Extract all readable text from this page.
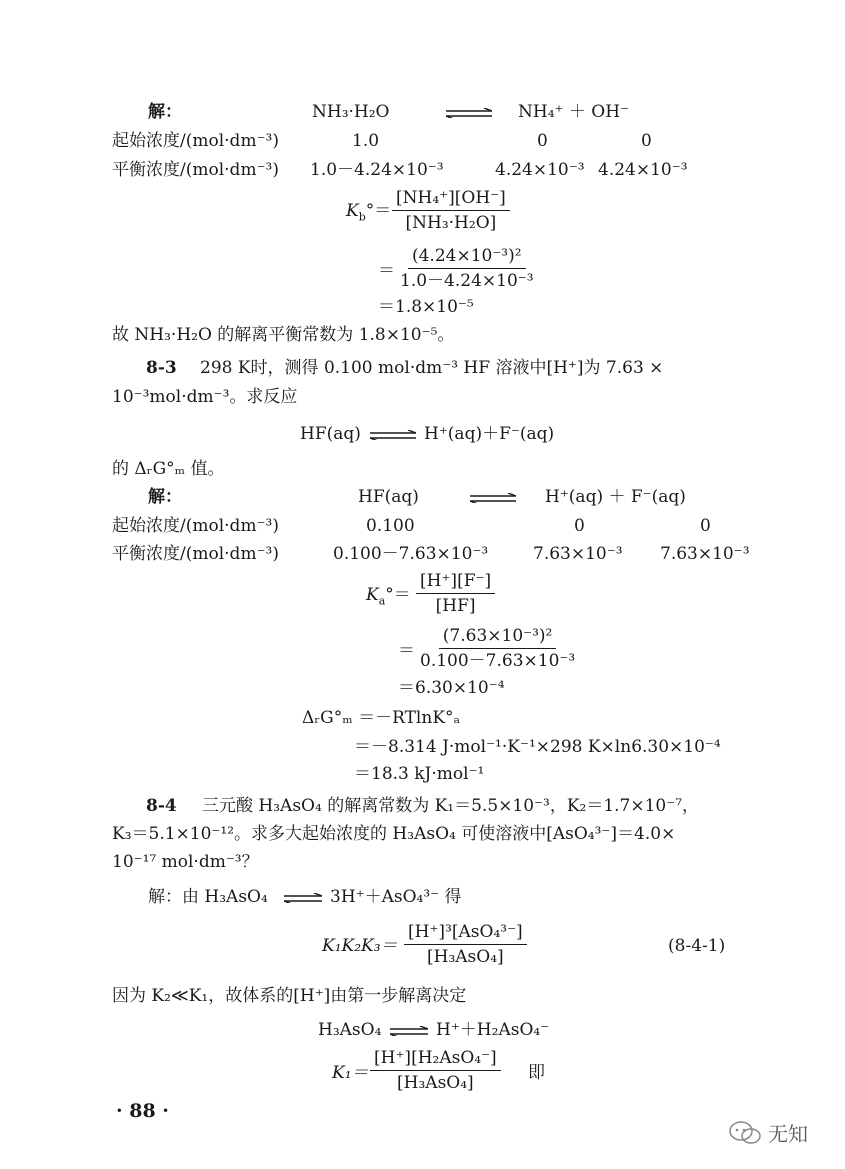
解：	NH₃·H₂O	⇌ NH₄⁺ ＋ OH⁻
起始浓度/(mol·dm⁻³)	1.0	0	0
平衡浓度/(mol·dm⁻³) 1.0－4.24×10⁻³	4.24×10⁻³ 4.24×10⁻³
$K_b^\circ= \frac{\text{[NH₄⁺][OH⁻]}}{\text{[NH₃·H₂O]}}$
＝ $\frac{\text{(4.24×10⁻³)²}}{\text{1.0－4.24×10⁻³}}$
＝1.8×10⁻⁵
故 NH₃·H₂O 的解离平衡常数为 1.8×10⁻⁵。
8-3 298 K时，测得 0.100 mol·dm⁻³ HF 溶液中[H⁺]为 7.63 ×
10⁻³mol·dm⁻³。求反应
HF(aq) ⇌ H⁺(aq)＋F⁻(aq)
的 ΔᵣG°ₘ 值。
解：	HF(aq)	⇌ H⁺(aq) ＋ F⁻(aq)
起始浓度/(mol·dm⁻³)	0.100	0	0
平衡浓度/(mol·dm⁻³)	0.100－7.63×10⁻³	7.63×10⁻³ 7.63×10⁻³
$K_a^\circ= \frac{[H^+][F^-]}{[HF]}$
＝ $\frac{\text{(7.63×10⁻³)²}}{\text{0.100－7.63×10⁻³}}$
＝6.30×10⁻⁴
ΔᵣG°ₘ ＝－RTlnK°ₐ
＝－8.314 J·mol⁻¹·K⁻¹×298 K×ln6.30×10⁻⁴
＝18.3 kJ·mol⁻¹
8-4 三元酸 H₃AsO₄ 的解离常数为 K₁＝5.5×10⁻³，K₂＝1.7×10⁻⁷，
K₃＝5.1×10⁻¹²。求多大起始浓度的 H₃AsO₄ 可使溶液中[AsO₄³⁻]＝4.0×
10⁻¹⁷ mol·dm⁻³？
解：由 H₃AsO₄ ⇌ 3H⁺＋AsO₄³⁻ 得
K₁K₂K₃＝
[H⁺]³[AsO₄³⁻]
[H₃AsO₄]
(8-4-1)
因为 K₂≪K₁，故体系的[H⁺]由第一步解离决定
H₃AsO₄ ⇌ H⁺＋H₂AsO₄⁻
K₁＝
[H⁺][H₂AsO₄⁻]
[H₃AsO₄]	即
· 88 ·
无知
